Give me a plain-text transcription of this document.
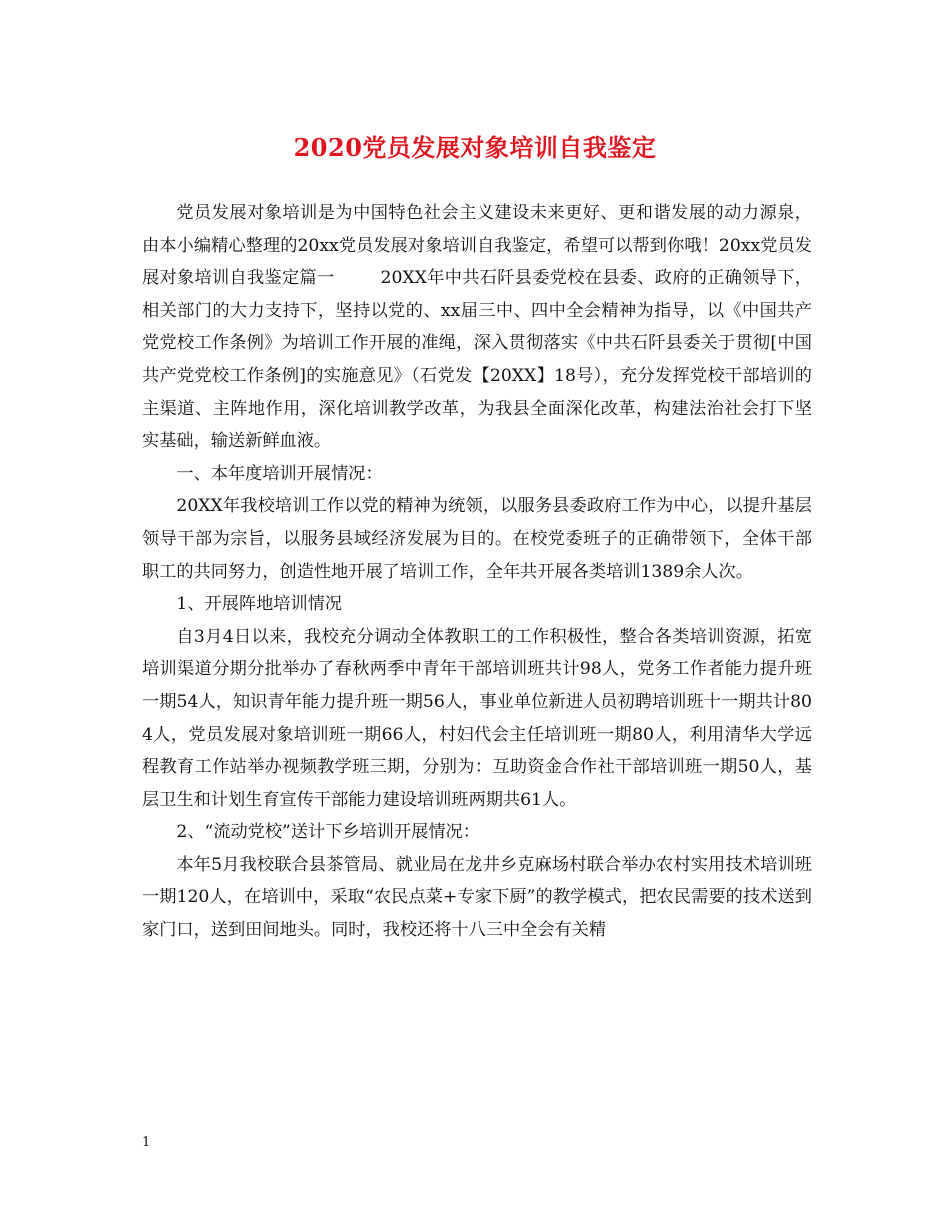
2020党员发展对象培训自我鉴定

党员发展对象培训是为中国特色社会主义建设未来更好、更和谐发展的动力源泉，由本小编精心整理的20xx党员发展对象培训自我鉴定，希望可以帮到你哦！20xx党员发展对象培训自我鉴定篇一	20XX年中共石阡县委党校在县委、政府的正确领导下，相关部门的大力支持下，坚持以党的、xx届三中、四中全会精神为指导，以《中国共产党党校工作条例》为培训工作开展的准绳，深入贯彻落实《中共石阡县委关于贯彻[中国共产党党校工作条例]的实施意见》（石党发【20XX】18号），充分发挥党校干部培训的主渠道、主阵地作用，深化培训教学改革，为我县全面深化改革，构建法治社会打下坚实基础，输送新鲜血液。

一、本年度培训开展情况：

20XX年我校培训工作以党的精神为统领，以服务县委政府工作为中心，以提升基层领导干部为宗旨，以服务县域经济发展为目的。在校党委班子的正确带领下，全体干部职工的共同努力，创造性地开展了培训工作，全年共开展各类培训1389余人次。

1、开展阵地培训情况

自3月4日以来，我校充分调动全体教职工的工作积极性，整合各类培训资源，拓宽培训渠道分期分批举办了春秋两季中青年干部培训班共计98人，党务工作者能力提升班一期54人，知识青年能力提升班一期56人，事业单位新进人员初聘培训班十一期共计804人，党员发展对象培训班一期66人，村妇代会主任培训班一期80人，利用清华大学远程教育工作站举办视频教学班三期，分别为：互助资金合作社干部培训班一期50人，基层卫生和计划生育宣传干部能力建设培训班两期共61人。

2、“流动党校”送计下乡培训开展情况：

本年5月我校联合县茶管局、就业局在龙井乡克麻场村联合举办农村实用技术培训班一期120人，在培训中，采取“农民点菜+专家下厨”的教学模式，把农民需要的技术送到家门口，送到田间地头。同时，我校还将十八三中全会有关精

1
